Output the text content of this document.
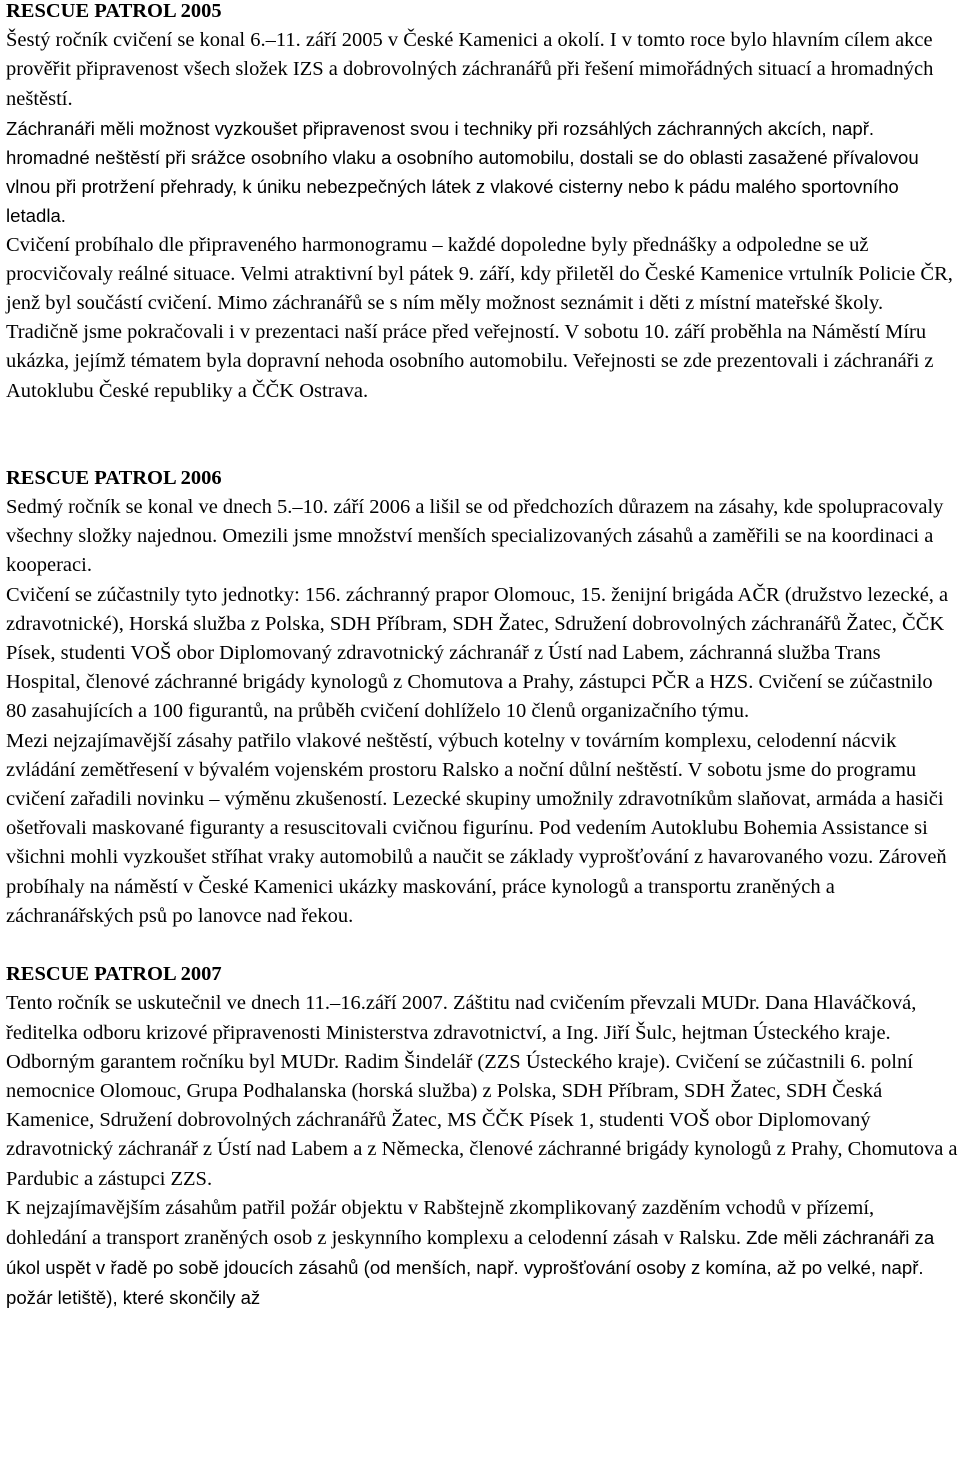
RESCUE PATROL 2005

Šestý ročník cvičení se konal 6.–11. září 2005 v České Kamenici a okolí. I v tomto roce bylo hlavním cílem akce prověřit připravenost všech složek IZS a dobrovolných záchranářů při řešení mimořádných situací a hromadných neštěstí.

Záchranáři měli možnost vyzkoušet připravenost svou i techniky při rozsáhlých záchranných akcích, např. hromadné neštěstí při srážce osobního vlaku a osobního automobilu, dostali se do oblasti zasažené přívalovou vlnou při protržení přehrady, k úniku nebezpečných látek z vlakové cisterny nebo k pádu malého sportovního letadla.

Cvičení probíhalo dle připraveného harmonogramu – každé dopoledne byly přednášky a odpoledne se už procvičovaly reálné situace. Velmi atraktivní byl pátek 9. září, kdy přiletěl do České Kamenice vrtulník Policie ČR, jenž byl součástí cvičení. Mimo záchranářů se s ním měly možnost seznámit i děti z místní mateřské školy.

Tradičně jsme pokračovali i v prezentaci naší práce před veřejností. V sobotu 10. září proběhla na Náměstí Míru ukázka, jejímž tématem byla dopravní nehoda osobního automobilu. Veřejnosti se zde prezentovali i záchranáři z Autoklubu České republiky a ČČK Ostrava.

RESCUE PATROL 2006

Sedmý ročník se konal ve dnech 5.–10. září 2006 a lišil se od předchozích důrazem na zásahy, kde spolupracovaly všechny složky najednou. Omezili jsme množství menších specializovaných zásahů a zaměřili se na koordinaci a kooperaci.

Cvičení se zúčastnily tyto jednotky: 156. záchranný prapor Olomouc, 15. ženijní brigáda AČR (družstvo lezecké, a zdravotnické), Horská služba z Polska, SDH Příbram, SDH Žatec, Sdružení dobrovolných záchranářů Žatec, ČČK Písek, studenti VOŠ obor Diplomovaný zdravotnický záchranář z Ústí nad Labem, záchranná služba Trans Hospital, členové záchranné brigády kynologů z Chomutova a Prahy, zástupci PČR a HZS. Cvičení se zúčastnilo 80 zasahujících a 100 figurantů, na průběh cvičení dohlíželo 10 členů organizačního týmu.

Mezi nejzajímavější zásahy patřilo vlakové neštěstí, výbuch kotelny v továrním komplexu, celodenní nácvik zvládání zemětřesení v bývalém vojenském prostoru Ralsko a noční důlní neštěstí. V sobotu jsme do programu cvičení zařadili novinku – výměnu zkušeností. Lezecké skupiny umožnily zdravotníkům slaňovat, armáda a hasiči ošetřovali maskované figuranty a resuscitovali cvičnou figurínu. Pod vedením Autoklubu Bohemia Assistance si všichni mohli vyzkoušet stříhat vraky automobilů a naučit se základy vyprošťování z havarovaného vozu. Zároveň probíhaly na náměstí v České Kamenici ukázky maskování, práce kynologů a transportu zraněných a záchranářských psů po lanovce nad řekou.

RESCUE PATROL 2007

Tento ročník se uskutečnil ve dnech 11.–16.září 2007. Záštitu nad cvičením převzali MUDr. Dana Hlaváčková, ředitelka odboru krizové připravenosti Ministerstva zdravotnictví, a Ing. Jiří Šulc, hejtman Ústeckého kraje. Odborným garantem ročníku byl MUDr. Radim Šindelář (ZZS Ústeckého kraje). Cvičení se zúčastnili 6. polní nemocnice Olomouc, Grupa Podhalanska (horská služba) z Polska, SDH Příbram, SDH Žatec, SDH Česká Kamenice, Sdružení dobrovolných záchranářů Žatec, MS ČČK Písek 1, studenti VOŠ obor Diplomovaný zdravotnický záchranář z Ústí nad Labem a z Německa, členové záchranné brigády kynologů z Prahy, Chomutova a Pardubic a zástupci ZZS.

K nejzajímavějším zásahům patřil požár objektu v Rabštejně zkomplikovaný zazděním vchodů v přízemí, dohledání a transport zraněných osob z jeskynního komplexu a celodenní zásah v Ralsku. Zde měli záchranáři za úkol uspět v řadě po sobě jdoucích zásahů (od menších, např. vyprošťování osoby z komína, až po velké, např. požár letiště), které skončily až
